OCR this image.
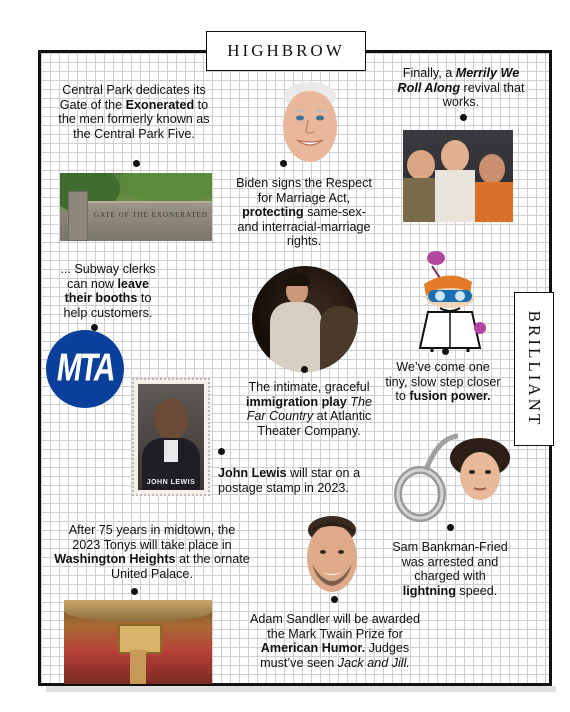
HIGHBROW
BRILLIANT
Central Park dedicates its Gate of the Exonerated to the men formerly known as the Central Park Five.
GATE OF THE EXONERATED
Biden signs the Respect for Marriage Act, protecting same-sex- and interracial-marriage rights.
Finally, a Merrily We Roll Along revival that works.
... Subway clerks can now leave their booths to help customers.
MTA	The intimate, graceful immigration play The Far Country at Atlantic Theater Company.
We’ve come one tiny, slow step closer to fusion power.
JOHN LEWIS
John Lewis will star on a postage stamp in 2023.
Sam Bankman-Fried was arrested and charged with lightning speed.
After 75 years in midtown, the 2023 Tonys will take place in Washington Heights at the ornate United Palace.
Adam Sandler will be awarded the Mark Twain Prize for American Humor. Judges must’ve seen Jack and Jill.
